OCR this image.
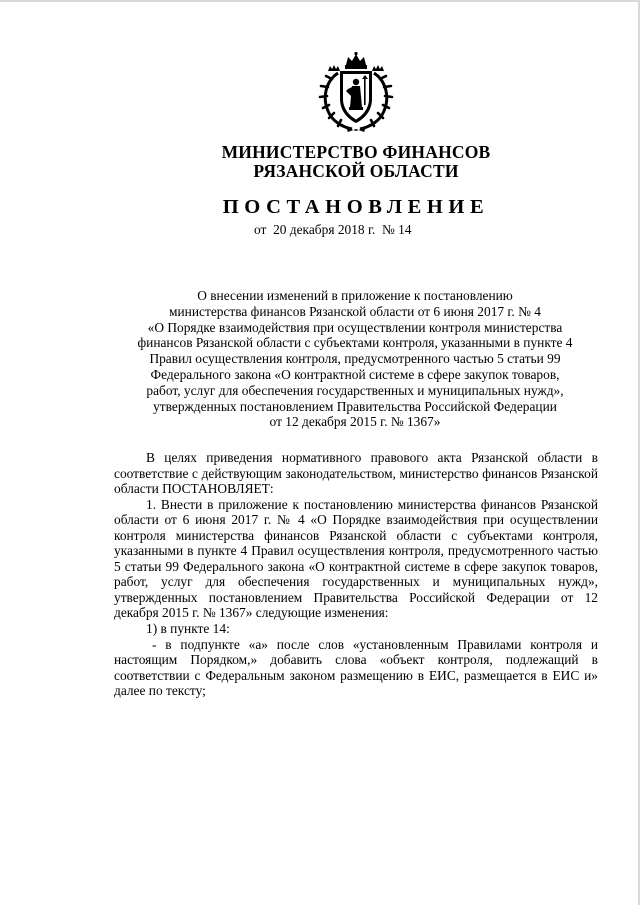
МИНИСТЕРСТВО ФИНАНСОВ
РЯЗАНСКОЙ ОБЛАСТИ
ПОСТАНОВЛЕНИЕ
от  20 декабря 2018 г.  № 14
О внесении изменений в приложение к постановлению
министерства финансов Рязанской области от 6 июня 2017 г. № 4
«О Порядке взаимодействия при осуществлении контроля министерства
финансов Рязанской области с субъектами контроля, указанными в пункте 4
Правил осуществления контроля, предусмотренного частью 5 статьи 99
Федерального закона «О контрактной системе в сфере закупок товаров,
работ, услуг для обеспечения государственных и муниципальных нужд»,
утвержденных постановлением Правительства Российской Федерации
от 12 декабря 2015 г. № 1367»

В целях приведения нормативного правового акта Рязанской области в соответствие с действующим законодательством, министерство финансов Рязанской области ПОСТАНОВЛЯЕТ:

1. Внести в приложение к постановлению министерства финансов Рязанской области от 6 июня 2017 г. № 4 «О Порядке взаимодействия при осуществлении контроля министерства финансов Рязанской области с субъектами контроля, указанными в пункте 4 Правил осуществления контроля, предусмотренного частью 5 статьи 99 Федерального закона «О контрактной системе в сфере закупок товаров, работ, услуг для обеспечения государственных и муниципальных нужд», утвержденных постановлением Правительства Российской Федерации от 12 декабря 2015 г. № 1367» следующие изменения:

1) в пункте 14:

- в подпункте «а» после слов «установленным Правилами контроля и настоящим Порядком,» добавить слова «объект контроля, подлежащий в соответствии с Федеральным законом размещению в ЕИС, размещается в ЕИС и» далее по тексту;
